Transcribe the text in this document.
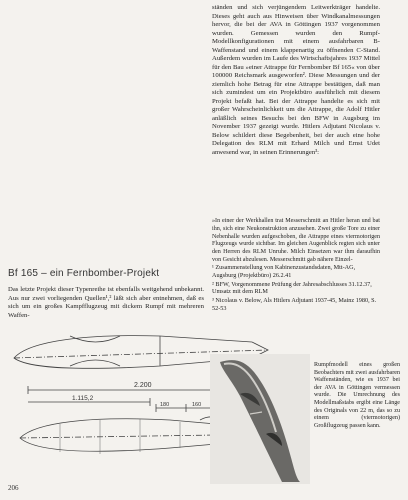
ständen und sich verjüngendem Leitwerkträger handelte. Dieses geht auch aus Hinweisen über Windkanalmessungen hervor, die bei der AVA in Göttingen 1937 vorgenommen wurden. Gemessen wurden den Rumpf-Modellkonfigurationen mit einem ausfahrbaren B-Waffenstand und einem klappenartig zu öffnenden C-Stand. Außerdem wurden im Laufe des Wirtschaftsjahres 1937 Mittel für den Bau »einer Attrappe für Fernbomber Bf 165« von über 100000 Reichsmark ausgeworfen². Diese Messungen und der ziemlich hohe Betrag für eine Attrappe bestätigen, daß man sich zumindest um ein Projektbüro ausführlich mit diesem Projekt befaßt hat. Bei der Attrappe handelte es sich mit großer Wahrscheinlichkeit um die Attrappe, die Adolf Hitler anläßlich seines Besuchs bei den BFW in Augsburg im November 1937 gezeigt wurde. Hitlers Adjutant Nicolaus v. Below schildert diese Begebenheit, bei der auch eine hohe Delegation des RLM mit Erhard Milch und Ernst Udet anwesend war, in seinen Erinnerungen³:

»In einer der Werkhallen trat Messerschmitt an Hitler heran und bat ihn, sich eine Neukonstruktion anzusehen. Zwei große Tore zu einer Nebenhalle wurden aufgeschoben, die Attrappe eines viermotorigen Flugzeugs wurde sichtbar. Im gleichen Augenblick regten sich unter den Herren des RLM Unruhe. Milch Einsetzen war ihm daraufhin von Gesicht abzulesen. Messerschmitt gab nähere Einzel-
Bf 165 – ein Fernbomber-Projekt
Das letzte Projekt dieser Typenreihe ist ebenfalls weitgehend unbekannt. Aus nur zwei vorliegenden Quellen¹,² läßt sich aber entnehmen, daß es sich um ein großes Kampfflugzeug mit dickem Rumpf mit mehreren Waffen-
¹ Zusammenstellung von Kabinenzustandsdaten, Mtt-AG, Augsburg (Projektbüro) 26.2.41
² BFW, Vorgenommene Prüfung der Jahresabschlusses 31.12.37, Umsatz mit dem RLM
³ Nicolaus v. Below, Als Hitlers Adjutant 1937-45, Mainz 1980, S. 52-53
2.200
1.115,2
180	160
Rumpfmodell eines großen Beobachters mit zwei ausfahrbaren Waffenständen, wie es 1937 bei der AVA in Göttingen vermessen wurde. Die Umrechnung des Modellmaßstabs ergibt eine Länge des Originals von 22 m, das so zu einem (viermotorigen) Großflugzeug passen kann.
206
